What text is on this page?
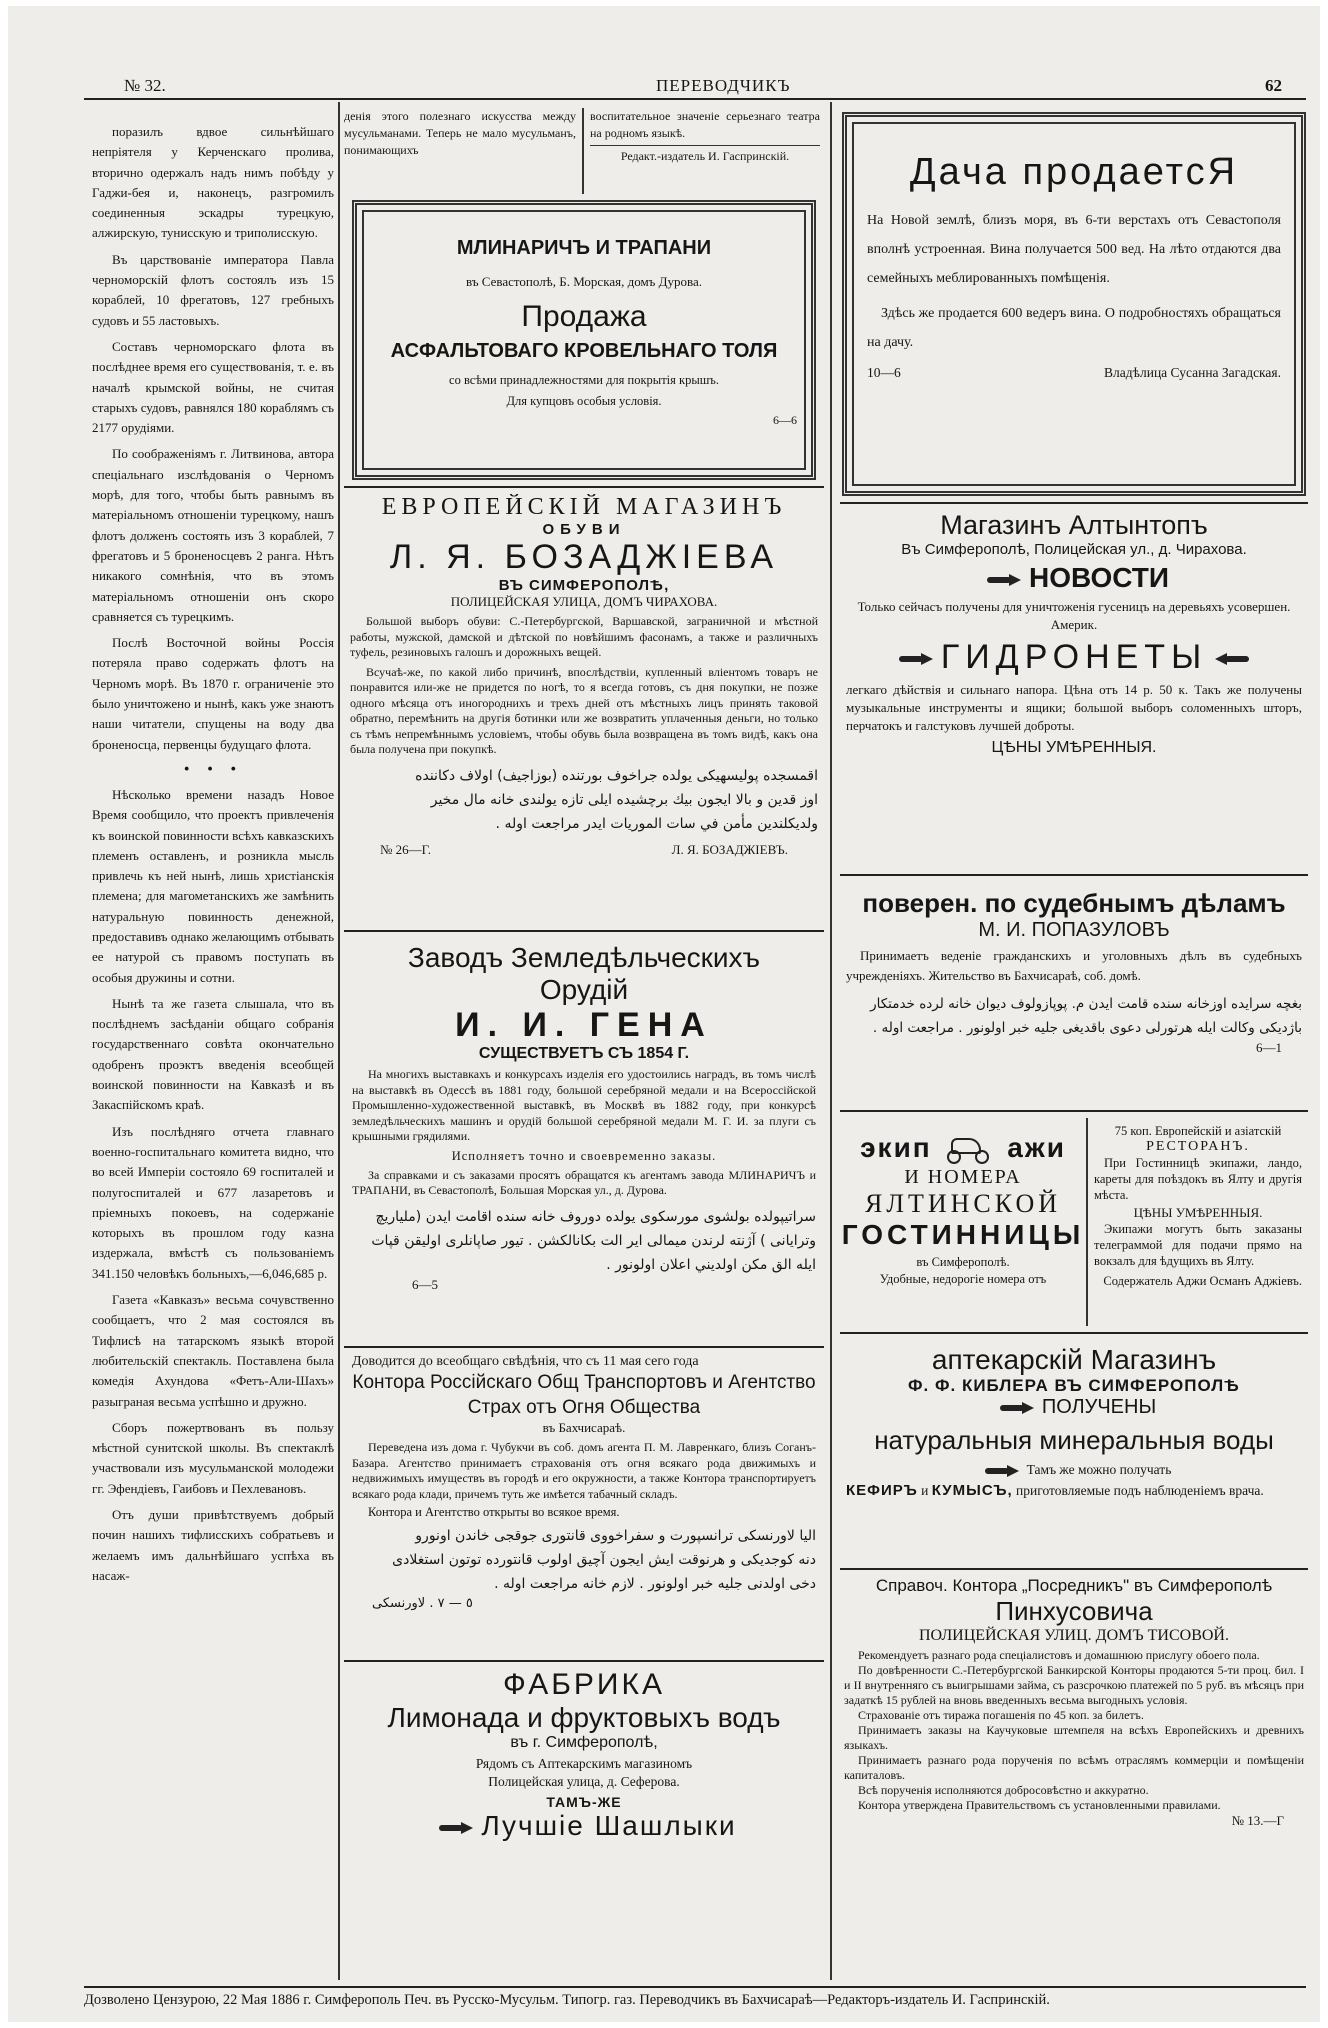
№ 32.	ПЕРЕВОДЧИКЪ	62

поразилъ вдвое сильнѣйшаго непріятеля у Керченскаго пролива, вторично одержалъ надъ нимъ побѣду у Гаджи-бея и, наконецъ, разгромилъ соединенныя эскадры турецкую, алжирскую, тунисскую и триполисскую.

Въ царствованіе императора Павла черноморскій флотъ состоялъ изъ 15 кораблей, 10 фрегатовъ, 127 гребныхъ судовъ и 55 ластовыхъ.

Составъ черноморскаго флота въ послѣднее время его существованія, т. е. въ началѣ крымской войны, не считая старыхъ судовъ, равнялся 180 кораблямъ съ 2177 орудіями.

По соображеніямъ г. Литвинова, автора спеціальнаго изслѣдованія о Черномъ морѣ, для того, чтобы быть равнымъ въ матеріальномъ отношеніи турецкому, нашъ флотъ долженъ состоять изъ 3 кораблей, 7 фрегатовъ и 5 броненосцевъ 2 ранга. Нѣтъ никакого сомнѣнія, что въ этомъ матеріальномъ отношеніи онъ скоро сравняется съ турецкимъ.

Послѣ Восточной войны Россія потеряла право содержать флотъ на Черномъ морѣ. Въ 1870 г. ограниченіе это было уничтожено и нынѣ, какъ уже знаютъ наши читатели, спущены на воду два броненосца, первенцы будущаго флота.

∙ ∙ ∙

Нѣсколько времени назадъ Новое Время сообщило, что проектъ привлеченія къ воинской повинности всѣхъ кавказскихъ племенъ оставленъ, и розникла мысль привлечь къ ней нынѣ, лишь христіанскія племена; для магометанскихъ же замѣнить натуральную повинность денежной, предоставивъ однако желающимъ отбывать ее натурой съ правомъ поступать въ особыя дружины и сотни.

Нынѣ та же газета слышала, что въ послѣднемъ засѣданіи общаго собранія государственнаго совѣта окончательно одобренъ проэктъ введенія всеобщей воинской повинности на Кавказѣ и въ Закаспійскомъ краѣ.

Изъ послѣдняго отчета главнаго военно-госпитальнаго комитета видно, что во всей Имперіи состояло 69 госпиталей и полугоспиталей и 677 лазаретовъ и пріемныхъ покоевъ, на содержаніе которыхъ въ прошлом году казна издержала, вмѣстѣ съ пользованіемъ 341.150 человѣкъ больныхъ,—6,046,685 р.

Газета «Кавказъ» весьма сочувственно сообщаетъ, что 2 мая состоялся въ Тифлисѣ на татарскомъ языкѣ второй любительскій спектакль. Поставлена была комедія Ахундова «Фетъ-Али-Шахъ» разыграная весьма успѣшно и дружно.

Сборъ пожертвованъ въ пользу мѣстной сунитской школы. Въ спектаклѣ участвовали изъ мусульманской молодежи гг. Эфендіевъ, Гаибовъ и Пехлевановъ.

Отъ души привѣтствуемъ добрый почин нашихъ тифлисскихъ собратьевъ и желаемъ имъ дальнѣйшаго успѣха въ насаж-

денія этого полезнаго искусства между мусульманами. Теперь не мало мусульманъ, понимающихъ
воспитательное значеніе серьезнаго театра на родномъ языкѣ.
Редакт.-издатель И. Гаспринскій.
МЛИНАРИЧЪ И ТРАПАНИ
въ Севастополѣ, Б. Морская, домъ Дурова.
Продажа
АСФАЛЬТОВАГО КРОВЕЛЬНАГО ТОЛЯ
со всѣми принадлежностями для покрытія крышъ.
Для купцовъ особыя условія.
6—6
ЕВРОПЕЙСКІЙ МАГАЗИНЪ
ОБУВИ
Л. Я. БОЗАДЖІЕВА
ВЪ СИМФЕРОПОЛѢ,
ПОЛИЦЕЙСКАЯ УЛИЦА, ДОМЪ ЧИРАХОВА.
Большой выборъ обуви: С.-Петербургской, Варшавской, заграничной и мѣстной работы, мужской, дамской и дѣтской по новѣйшимъ фасонамъ, а также и различныхъ туфель, резиновыхъ галошъ и дорожныхъ вещей.
Всучаѣ-же, по какой либо причинѣ, впослѣдствіи, купленный вліентомъ товаръ не понравится или-же не придется по ногѣ, то я всегда готовъ, съ дня покупки, не позже одного мѣсяца отъ иногороднихъ и трехъ дней отъ мѣстныхъ лицъ принять таковой обратно, перемѣнить на другія ботинки или же возвратить уплаченныя деньги, но только съ тѣмъ непремѣннымъ условіемъ, чтобы обувь была возвращена въ томъ видѣ, какъ она была получена при покупкѣ.
اقمسجده پولیسهیکی یولده جراخوف بورتنده (بوزاجیف) اولاف دكاننده
اوز قدين و بالا ايجون بيك برچشيده ايلى تازه يولندى خانه مال مخير
ولديكلندين مأمن في سات الموريات ايدر مراجعت اوله .
№ 26—Г.	Л. Я. БОЗАДЖІЕВЪ.
Заводъ Земледѣльческихъ
Орудій
И. И. ГЕНА
СУЩЕСТВУЕТЪ СЪ 1854 Г.
На многихъ выставкахъ и конкурсахъ изделія его удостоились наградъ, въ томъ числѣ на выставкѣ въ Одессѣ въ 1881 году, большой серебряной медали и на Всероссійской Промышленно-художественной выставкѣ, въ Москвѣ въ 1882 году, при конкурсѣ земледѣльческихъ машинъ и орудій большой серебряной медали М. Г. И. за плуги съ крышными грядилями.
Исполняетъ точно и своевременно заказы.
За справками и съ заказами просятъ обращатся къ агентамъ завода МЛИНАРИЧЪ и ТРАПАНИ, въ Севастополѣ, Большая Морская ул., д. Дурова.
سراتيپولده بولشوى مورسکوی یولده دوروف خانه سنده اقامت ایدن (ملیاریچ
وترايانى ) آژنته لرندن ميمالى اير الت بكانالكشن . تيور صاپانلرى اوليقن قپات
ايله الق مكن اولديني اعلان اولونور .
6—5
Доводится до всеобщаго свѣдѣнія, что съ 11 мая сего года
Контора Россійскаго Общ Транспортовъ и Агентство Страх отъ Огня Общества
въ Бахчисараѣ.
Переведена изъ дома г. Чубукчи въ соб. домъ агента П. М. Лавренкаго, близъ Соганъ-Базара. Агентство принимаетъ страхованія отъ огня всякаго рода движимыхъ и недвижимыхъ имуществъ въ городѣ и его окружности, а также Контора транспортируетъ всякаго рода клади, причемъ туть же имѣется табачный складъ.
Контора и Агентство открыты во всякое время.
الیا لاورنسکی ترانسپورت و سفراخووی قانتوری جوقجی خاندن اونورو
دنه کوجدیکی و هرنوقت ایش ایجون آچیق اولوب قانتورده توتون استغلادی
دخی اولدنی جلیه خبر اولونور . لازم خانه مراجعت اوله .
٥ — ٧ . لاورنسکی
ФАБРИКА
Лимонада и фруктовыхъ водъ
въ г. Симферополѣ,
Рядомъ съ Аптекарскимъ магазиномъ
Полицейская улица, д. Сеферова.
ТАМЪ-ЖЕ
Лучшіе Шашлыки
Дача продаетсЯ
На Новой землѣ, близъ моря, въ 6-ти верстахъ отъ Севастополя вполнѣ устроенная. Вина получается 500 вед. На лѣто отдаются два семейныхъ меблированныхъ помѣщенія.
Здѣсь же продается 600 ведеръ вина. О подробностяхъ обращаться на дачу.
10—6	Владѣлица Сусанна Загадская.
Магазинъ Алтынтопъ
Въ Симферополѣ, Полицейская ул., д. Чирахова.
НОВОСТИ
Только сейчасъ получены для уничтоженія гусеницъ на деревьяхъ усовершен. Америк.
ГИДРОНЕТЫ
легкаго дѣйствія и сильнаго напора. Цѣна отъ 14 р. 50 к. Такъ же получены музыкальные инструменты и ящики; большой выборъ соломенныхъ шторъ, перчатокъ и галстуковъ лучшей доброты.
ЦѢНЫ УМѢРЕННЫЯ.
поверен. по судебнымъ дѣламъ
М. И. ПОПАЗУЛОВЪ
Принимаетъ веденіе гражданскихъ и уголовныхъ дѣлъ въ судебныхъ учрежденіяхъ. Жительство въ Бахчисараѣ, соб. домѣ.
بغچه سرايده اوزخانه سنده قامت ایدن م. پوپازولوف دیوان خانه لرده خدمتکار
باژدیکی وکالت ایله هرتورلی دعوی باقدیغی جلیه خبر اولونور . مراجعت اوله .
6—1
экип	ажи
И НОМЕРА
ЯЛТИНСКОЙ
ГОСТИННИЦЫ
въ Симферополѣ.
Удобные, недорогіе номера отъ
75 коп. Европейскій и азіатскій
РЕСТОРАНЪ.
При Гостинницѣ экипажи, ландо, кареты для поѣздокъ въ Ялту и другія мѣста.
ЦѢНЫ УМѢРЕННЫЯ.
Экипажи могутъ быть заказаны телеграммой для подачи прямо на вокзалъ для ѣдущихъ въ Ялту.
Содержатель Аджи Османъ Аджіевъ.
аптекарскій Магазинъ
Ф. Ф. КИБЛЕРА ВЪ СИМФЕРОПОЛѢ
ПОЛУЧЕНЫ
натуральныя минеральныя воды
Тамъ же можно получать
КЕФИРЪ и КУМЫСЪ, приготовляемые подъ наблюденіемъ врача.
Справоч. Контора „Посредникъ" въ Симферополѣ
Пинхусовича
ПОЛИЦЕЙСКАЯ УЛИЦ. ДОМЪ ТИСОВОЙ.
Рекомендуетъ разнаго рода спеціалистовъ и домашнюю прислугу обоего пола.
По довѣренности С.-Петербургской Банкирской Конторы продаются 5-ти проц. бил. I и II внутренняго съ выигрышами займа, съ разсрочкою платежей по 5 руб. въ мѣсяцъ при задаткѣ 15 рублей на вновь введенныхъ весьма выгодныхъ условія.
Страхованіе отъ тиража погашенія по 45 коп. за билетъ.
Принимаетъ заказы на Каучуковые штемпеля на всѣхъ Европейскихъ и древнихъ языкахъ.
Принимаетъ разнаго рода порученія по всѣмъ отраслямъ коммерціи и помѣщеніи капиталовъ.
Всѣ порученія исполняются добросовѣстно и аккуратно.
Контора утверждена Правительствомъ съ установленными правилами.
№ 13.—Г
Дозволено Цензурою, 22 Мая 1886 г. Симферополь Печ. въ Русско-Мусульм. Типогр. газ. Переводчикъ въ Бахчисараѣ—Редакторъ-издатель И. Гаспринскій.
